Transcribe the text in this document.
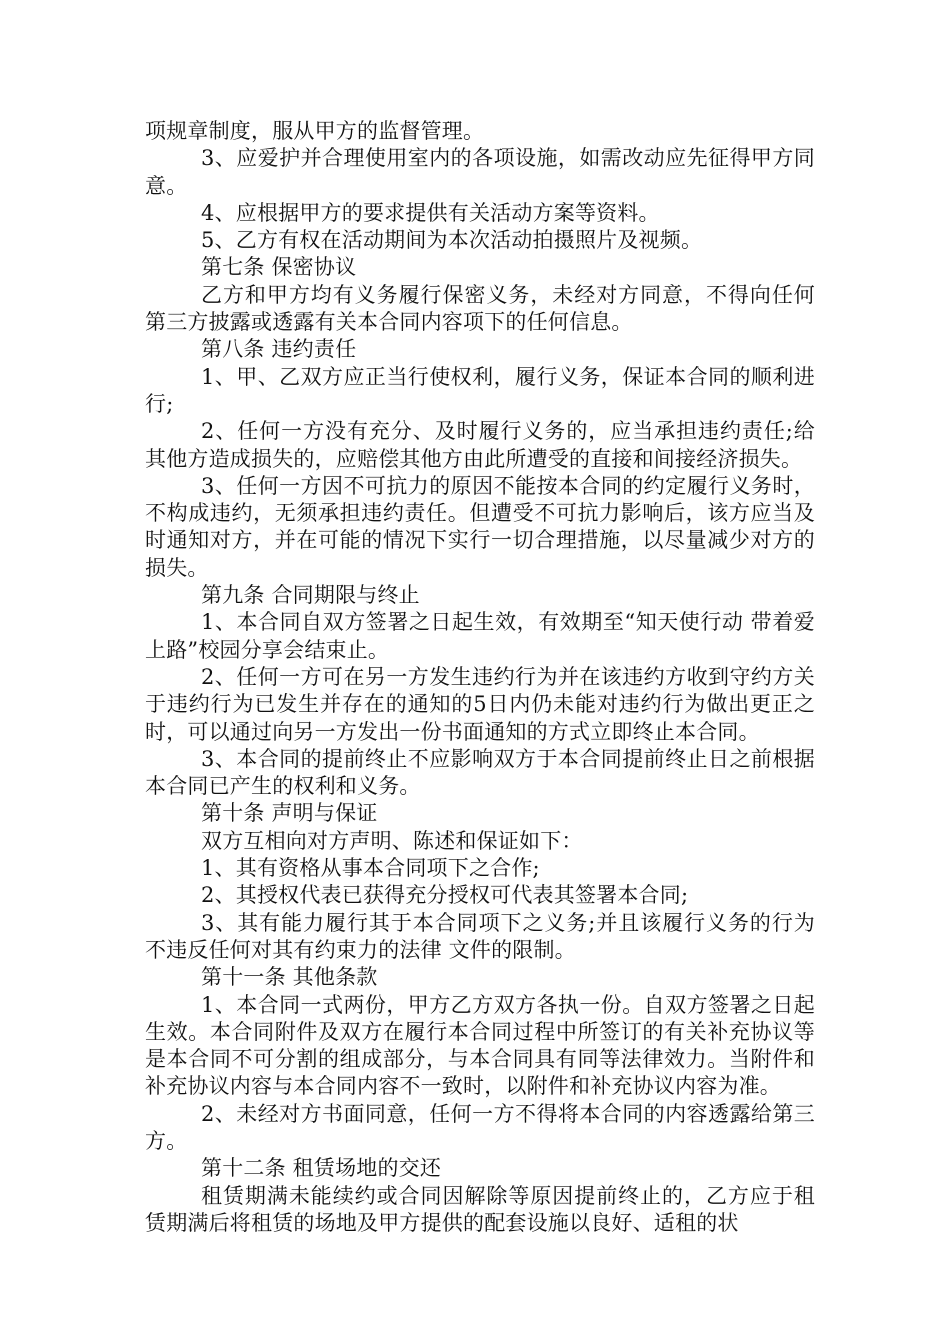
项规章制度，服从甲方的监督管理。

3、应爱护并合理使用室内的各项设施，如需改动应先征得甲方同意。

4、应根据甲方的要求提供有关活动方案等资料。

5、乙方有权在活动期间为本次活动拍摄照片及视频。

第七条 保密协议

乙方和甲方均有义务履行保密义务，未经对方同意，不得向任何第三方披露或透露有关本合同内容项下的任何信息。

第八条 违约责任

1、甲、乙双方应正当行使权利，履行义务，保证本合同的顺利进行;

2、任何一方没有充分、及时履行义务的，应当承担违约责任;给其他方造成损失的，应赔偿其他方由此所遭受的直接和间接经济损失。

3、任何一方因不可抗力的原因不能按本合同的约定履行义务时，不构成违约，无须承担违约责任。但遭受不可抗力影响后，该方应当及时通知对方，并在可能的情况下实行一切合理措施，以尽量减少对方的损失。

第九条 合同期限与终止

1、本合同自双方签署之日起生效，有效期至“知天使行动 带着爱上路”校园分享会结束止。

2、任何一方可在另一方发生违约行为并在该违约方收到守约方关于违约行为已发生并存在的通知的5日内仍未能对违约行为做出更正之时，可以通过向另一方发出一份书面通知的方式立即终止本合同。

3、本合同的提前终止不应影响双方于本合同提前终止日之前根据本合同已产生的权利和义务。

第十条 声明与保证

双方互相向对方声明、陈述和保证如下：

1、其有资格从事本合同项下之合作;

2、其授权代表已获得充分授权可代表其签署本合同;

3、其有能力履行其于本合同项下之义务;并且该履行义务的行为不违反任何对其有约束力的法律 文件的限制。

第十一条 其他条款

1、本合同一式两份，甲方乙方双方各执一份。自双方签署之日起生效。本合同附件及双方在履行本合同过程中所签订的有关补充协议等是本合同不可分割的组成部分，与本合同具有同等法律效力。当附件和补充协议内容与本合同内容不一致时，以附件和补充协议内容为准。

2、未经对方书面同意，任何一方不得将本合同的内容透露给第三方。

第十二条 租赁场地的交还

租赁期满未能续约或合同因解除等原因提前终止的，乙方应于租赁期满后将租赁的场地及甲方提供的配套设施以良好、适租的状
